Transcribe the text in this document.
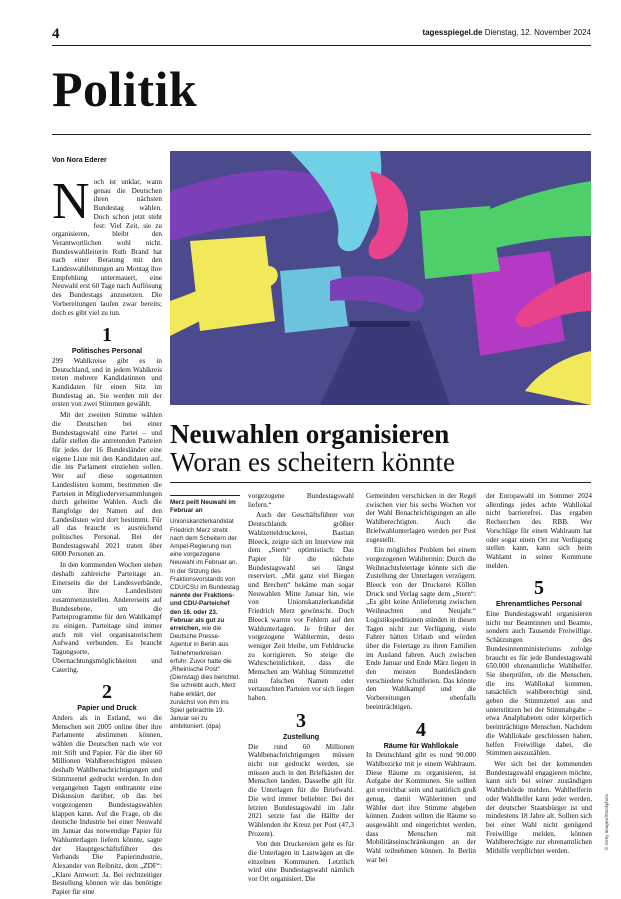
4	tagesspiegel.de Dienstag, 12. November 2024
Politik
Von Nora Ederer

Noch ist unklar, wann genau die Deutschen ihren nächsten Bundestag wählen. Doch schon jetzt steht fest: Viel Zeit, sie zu organisieren, bleibt den Verantwortlichen wohl nicht. Bundeswahlleiterin Ruth Brand hat nach einer Beratung mit den Landeswahlleitungen am Montag ihre Empfehlung untermauert, eine Neuwahl erst 60 Tage nach Auflösung des Bundestags anzusetzen. Die Vorbereitungen laufen zwar bereits; doch es gibt viel zu tun.

1
Politisches Personal

299 Wahlkreise gibt es in Deutschland, und in jedem Wahlkreis treten mehrere Kandidatinnen und Kandidaten für einen Sitz im Bundestag an. Sie werden mit der ersten von zwei Stimmen gewählt.

Mit der zweiten Stimme wählen die Deutschen bei einer Bundestagswahl eine Partei – und dafür stellen die antretenden Parteien für jedes der 16 Bundesländer eine eigene Liste mit den Kandidaten auf, die ins Parlament einziehen sollen. Wer auf diese sogenannten Landeslisten kommt, bestimmen die Parteien in Mitgliederversammlungen durch geheime Wahlen. Auch die Rangfolge der Namen auf den Landeslisten wird dort bestimmt. Für all das braucht es ausreichend politisches Personal. Bei der Bundestagswahl 2021 traten über 6000 Personen an.

In den kommenden Wochen stehen deshalb zahlreiche Parteitage an. Einerseits die der Landesverbände, um ihre Landeslisten zusammenzustellen. Andererseits auf Bundesebene, um die Parteiprogramme für den Wahlkampf zu einigen. Parteitage sind immer auch mit viel organisatorischem Aufwand verbunden. Es braucht Tagungsorte, Übernachtungsmöglichkeiten und Catering.

2
Papier und Druck

Anders als in Estland, wo die Menschen seit 2005 online über ihre Parlamente abstimmen können, wählen die Deutschen nach wie vor mit Stift und Papier. Für die über 60 Millionen Wahlberechtigten müssen deshalb Wahlbenachrichtigungen und Stimmzettel gedruckt werden. In den vergangenen Tagen entbrannte eine Diskussion darüber, ob das bei vorgezogenen Bundestagswahlen klappen kann. Auf die Frage, ob die deutsche Industrie bei einer Neuwahl im Januar das notwendige Papier für Wahlunterlagen liefern könnte, sagte der Hauptgeschäftsführer des Verbands Die Papierindustrie, Alexander von Reibnitz, dem „ZDF“: „Klare Antwort: Ja. Bei rechtzeitiger Bestellung können wir das benötigte Papier für eine

Neuwahlen organisieren
Woran es scheitern könnte
Merz peilt Neuwahl im Februar an
Unionskanzlerkandidat Friedrich Merz strebt nach dem Scheitern der Ampel-Regierung nun eine vorgezogene Neuwahl im Februar an. In der Sitzung des Fraktionsvorstands von CDU/CSU im Bundestag nannte der Fraktions- und CDU-Parteichef den 16. oder 23. Februar als gut zu erreichen, wie die Deutsche Presse-Agentur in Berlin aus Teilnehmerkreisen erfuhr. Zuvor hatte die „Rheinische Post“ (Dienstag) dies berichtet. Sie schreibt auch, Merz habe erklärt, der zunächst von ihm ins Spiel gebrachte 19. Januar sei zu ambitioniert. (dpa)

vorgezogene Bundestagswahl liefern.“

Auch der Geschäftsführer von Deutschlands größter Wahlzetteldruckerei, Bastian Bleeck, zeigte sich im Interview mit dem „Stern“ optimistisch: Das Papier für die nächste Bundestagswahl sei längst reserviert. „Mit ganz viel Biegen und Brechen“ bekäme man sogar Neuwahlen Mitte Januar hin, wie von Unionskanzlerkandidat Friedrich Merz gewünscht. Doch Bleeck warnte vor Fehlern auf den Wahlunterlagen. Je früher der vorgezogene Wahltermin, desto weniger Zeit bleibe, um Fehldrucke zu korrigieren. So steige die Wahrscheinlichkeit, dass die Menschen am Wahltag Stimmzettel mit falschen Namen oder vertauschten Parteien vor sich liegen haben.

3
Zustellung

Die rund 60 Millionen Wahlbenachrichtigungen müssen nicht nur gedruckt werden, sie müssen auch in den Briefkästen der Menschen landen. Dasselbe gilt für die Unterlagen für die Briefwahl. Die wird immer beliebter: Bei der letzten Bundestagswahl im Jahr 2021 setzte fast die Hälfte der Wählenden ihr Kreuz per Post (47,3 Prozent).

Von den Druckereien geht es für die Unterlagen in Lastwägen an die einzelnen Kommunen. Letztlich wird eine Bundestagswahl nämlich vor Ort organisiert. Die

Gemeinden verschicken in der Regel zwischen vier bis sechs Wochen vor der Wahl Benachrichtigungen an alle Wahlberechtigten. Auch die Briefwahlunterlagen werden per Post zugestellt.

Ein mögliches Problem bei einem vorgezogenen Wahltermin: Durch die Weihnachtsfeiertage könnte sich die Zustellung der Unterlagen verzögern. Bleeck von der Druckerei Köllen Druck und Verlag sagte dem „Stern“: „Es gibt keine Anlieferung zwischen Weihnachten und Neujahr.“ Logistikspeditionen stünden in diesen Tagen nicht zur Verfügung, viele Fahrer hätten Urlaub und würden über die Feiertage zu ihren Familien im Ausland fahren. Auch zwischen Ende Januar und Ende März liegen in den meisten Bundesländern verschiedene Schulferien. Das könnte den Wahlkampf und die Vorbereitungen ebenfalls beeinträchtigen.

4
Räume für Wahllokale

In Deutschland gibt es rund 90.000 Wahlbezirke mit je einem Wahlraum. Diese Räume zu organisieren, ist Aufgabe der Kommunen. Sie sollten gut erreichbar sein und natürlich groß genug, damit Wählerinnen und Wähler dort ihre Stimme abgeben können. Zudem sollten die Räume so ausgewählt und eingerichtet werden, dass Menschen mit Mobilitätseinschränkungen an der Wahl teilnehmen können. In Berlin war bei

der Europawahl im Sommer 2024 allerdings jedes achte Wahllokal nicht barrierefrei. Das ergaben Recherchen des RBB. Wer Vorschläge für einen Wahlraum hat oder sogar einen Ort zur Verfügung stellen kann, kann sich beim Wahlamt in seiner Kommune melden.

5
Ehrenamtliches Personal

Eine Bundestagswahl organisieren nicht nur Beamtinnen und Beamte, sondern auch Tausende Freiwillige. Schätzungen des Bundesinnenministeriums zufolge braucht es für jede Bundestagswahl 650.000 ehrenamtliche Wahlhelfer. Sie überprüfen, ob die Menschen, die ins Wahllokal kommen, tatsächlich wahlberechtigt sind, geben die Stimmzettel aus und unterstützen bei der Stimmabgabe – etwa Analphabeten oder körperlich beeinträchtigte Menschen. Nachdem die Wahllokale geschlossen haben, helfen Freiwillige dabei, die Stimmen auszuzählen.

Wer sich bei der kommenden Bundestagswahl engagieren möchte, kann sich bei seiner zuständigen Wahlbehörde melden. Wahlhelferin oder Wahlhelfer kann jeder werden, der deutscher Staatsbürger ist und mindestens 18 Jahre alt. Sollten sich bei einer Wahl nicht genügend Freiwillige melden, können Wahlberechtigte zur ehrenamtlichen Mithilfe verpflichtet werden.

© Getty Images/iStockphoto
